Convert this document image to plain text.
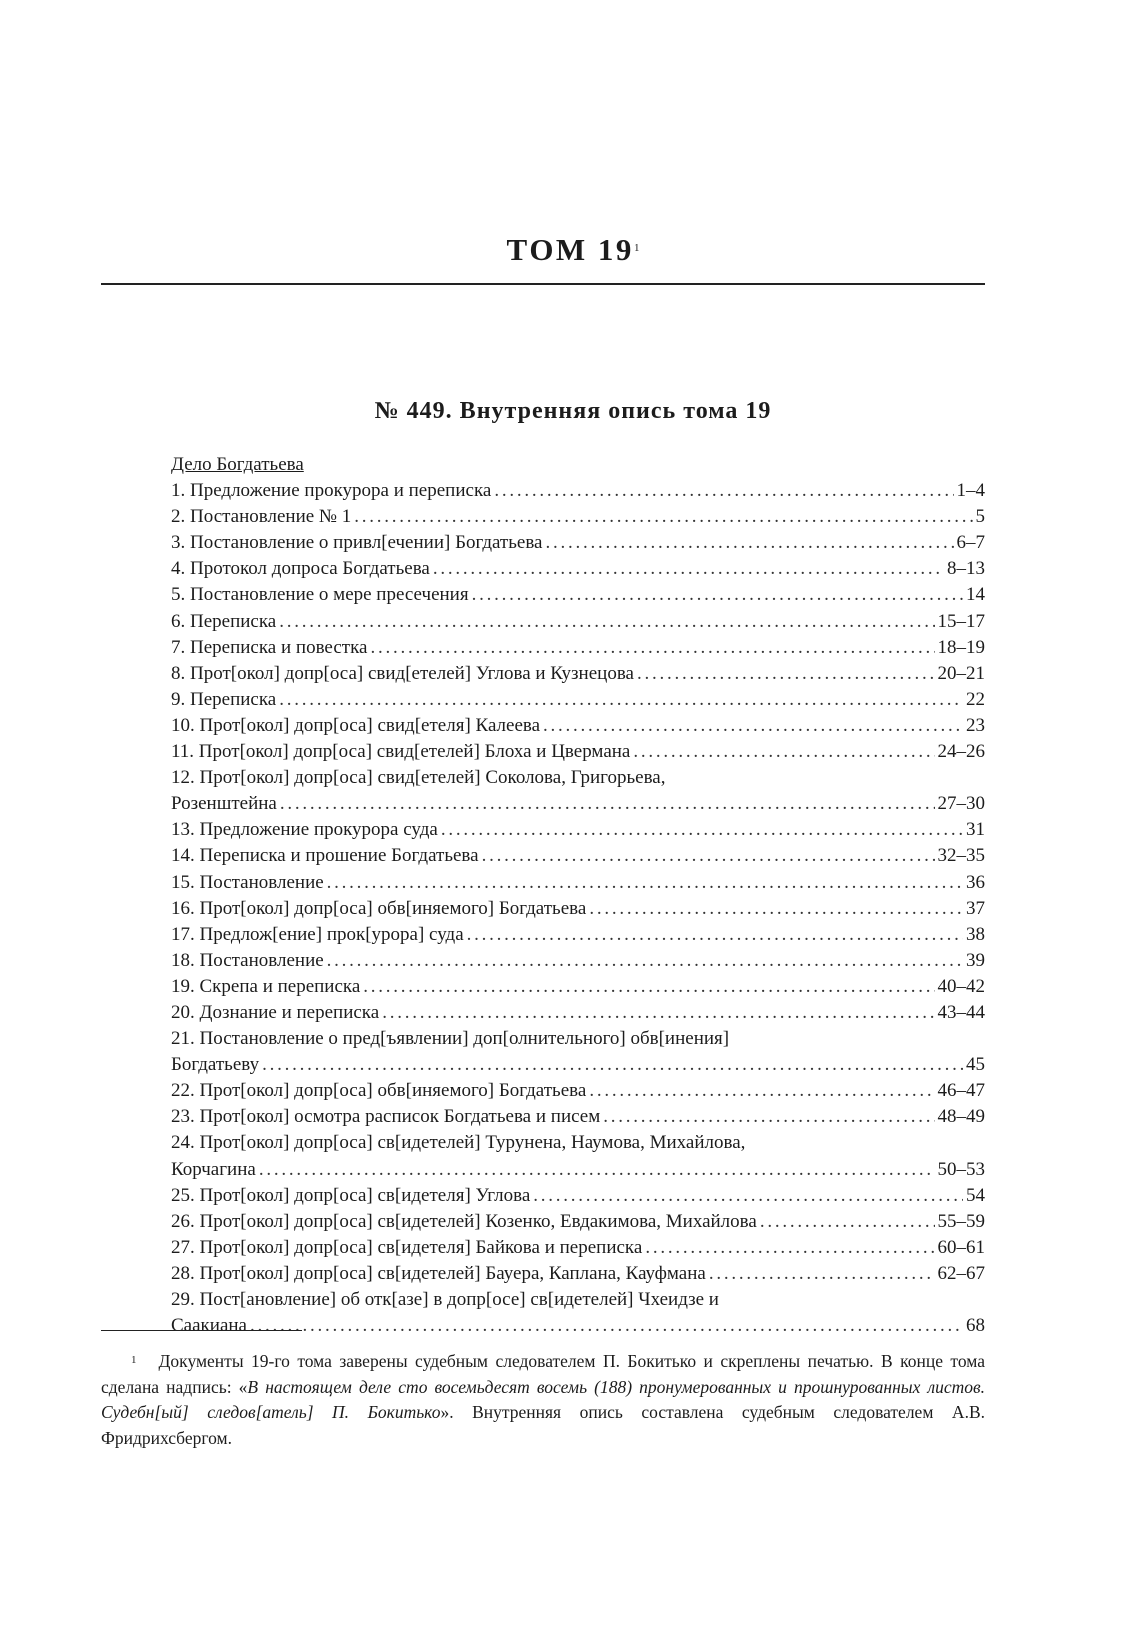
ТОМ $19^1$
№ 449. Внутренняя опись тома 19
Дело Богдатьева
1. Предложение прокурора и переписка . . .	1–4
2. Постановление № 1 . . .	5
3. Постановление о привл[ечении] Богдатьева . . .	6–7
4. Протокол допроса Богдатьева . . .	8–13
5. Постановление о мере пресечения . . .	14
6. Переписка . . .	15–17
7. Переписка и повестка . . .	18–19
8. Прот[окол] допр[оса] свид[етелей] Углова и Кузнецова . . .	20–21
9. Переписка . . .	22
10. Прот[окол] допр[оса] свид[етеля] Калеева . . .	23
11. Прот[окол] допр[оса] свид[етелей] Блоха и Цвермана . . .	24–26
12. Прот[окол] допр[оса] свид[етелей] Соколова, Григорьева,
Розенштейна . . .	27–30
13. Предложение прокурора суда . . .	31
14. Переписка и прошение Богдатьева . . .	32–35
15. Постановление . . .	36
16. Прот[окол] допр[оса] обв[иняемого] Богдатьева . . .	37
17. Предлож[ение] прок[урора] суда . . .	38
18. Постановление . . .	39
19. Скрепа и переписка . . .	40–42
20. Дознание и переписка . . .	43–44
21. Постановление о пред[ъявлении] доп[олнительного] обв[инения]
Богдатьеву . . .	45
22. Прот[окол] допр[оса] обв[иняемого] Богдатьева . . .	46–47
23. Прот[окол] осмотра расписок Богдатьева и писем . . .	48–49
24. Прот[окол] допр[оса] св[идетелей] Турунена, Наумова, Михайлова,
Корчагина . . .	50–53
25. Прот[окол] допр[оса] св[идетеля] Углова . . .	54
26. Прот[окол] допр[оса] св[идетелей] Козенко, Евдакимова, Михайлова . . .	55–59
27. Прот[окол] допр[оса] св[идетеля] Байкова и переписка . . .	60–61
28. Прот[окол] допр[оса] св[идетелей] Бауера, Каплана, Кауфмана . . .	62–67
29. Пост[ановление] об отк[азе] в допр[осе] св[идетелей] Чхеидзе и
Саакиана . . .	68
$^1$ Документы 19-го тома заверены судебным следователем П. Бокитько и скреплены печатью. В конце тома сделана надпись: «В настоящем деле сто восемьдесят восемь (188) пронумерованных и прошнурованных листов. Судебн[ый] следов[атель] П. Бокитько». Внутренняя опись составлена судебным следователем А.В. Фридрихсбергом.
